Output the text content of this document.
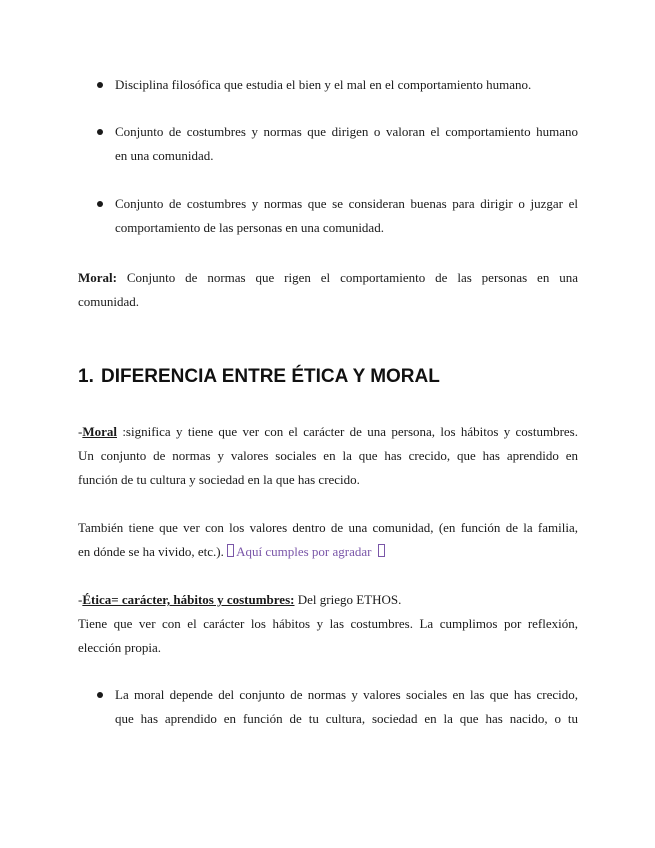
Disciplina filosófica que estudia el bien y el mal en el comportamiento humano.

Conjunto de costumbres y normas que dirigen o valoran el comportamiento humano

en una comunidad.

Conjunto de costumbres y normas que se consideran buenas para dirigir o juzgar el

comportamiento de las personas en una comunidad.

Moral: Conjunto de normas que rigen el comportamiento de las personas en una

comunidad.

1. DIFERENCIA ENTRE ÉTICA Y MORAL

-Moral :significa y tiene que ver con el carácter de una persona, los hábitos y costumbres.

Un conjunto de normas y valores sociales en la que has crecido, que has aprendido en

función de tu cultura y sociedad en la que has crecido.

También tiene que ver con los valores dentro de una comunidad, (en función de la familia,

en dónde se ha vivido, etc.). Aquí cumples por agradar

-Ética= carácter, hábitos y costumbres: Del griego ETHOS.

Tiene que ver con el carácter los hábitos y las costumbres. La cumplimos por reflexión,

elección propia.

La moral depende del conjunto de normas y valores sociales en las que has crecido,

que has aprendido en función de tu cultura, sociedad en la que has nacido, o tu
